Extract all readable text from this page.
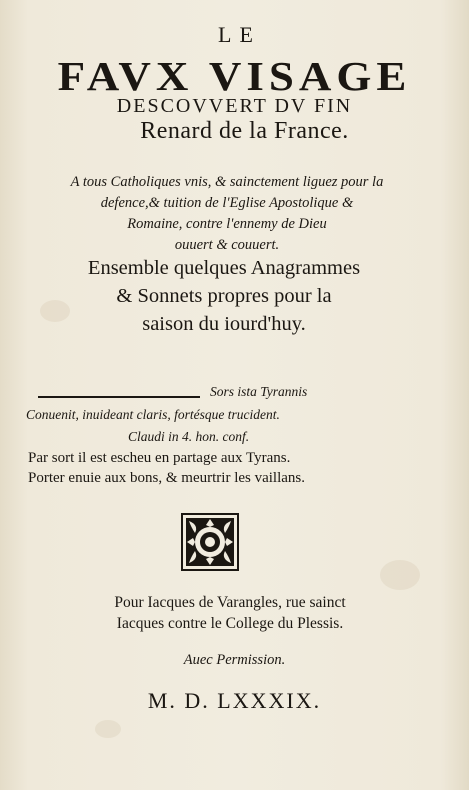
LE
FAVX VISAGE
DESCOVVERT DV FIN
Renard de la France.
A tous Catholiques vnis, & sainctement liguez pour la
defence,& tuition de l'Eglise Apostolique &
Romaine, contre l'ennemy de Dieu
ouuert & couuert.
Ensemble quelques Anagrammes
& Sonnets propres pour la
saison du iourd'huy.
Sors ista Tyrannis
Conuenit, inuideant claris, fortésque trucident.
Claudi in 4. hon. conf.
Par sort il est escheu en partage aux Tyrans.
Porter enuie aux bons, & meurtrir les vaillans.
Pour Iacques de Varangles, rue sainct
Iacques contre le College du Plessis.
Auec Permission.
M. D. LXXXIX.
